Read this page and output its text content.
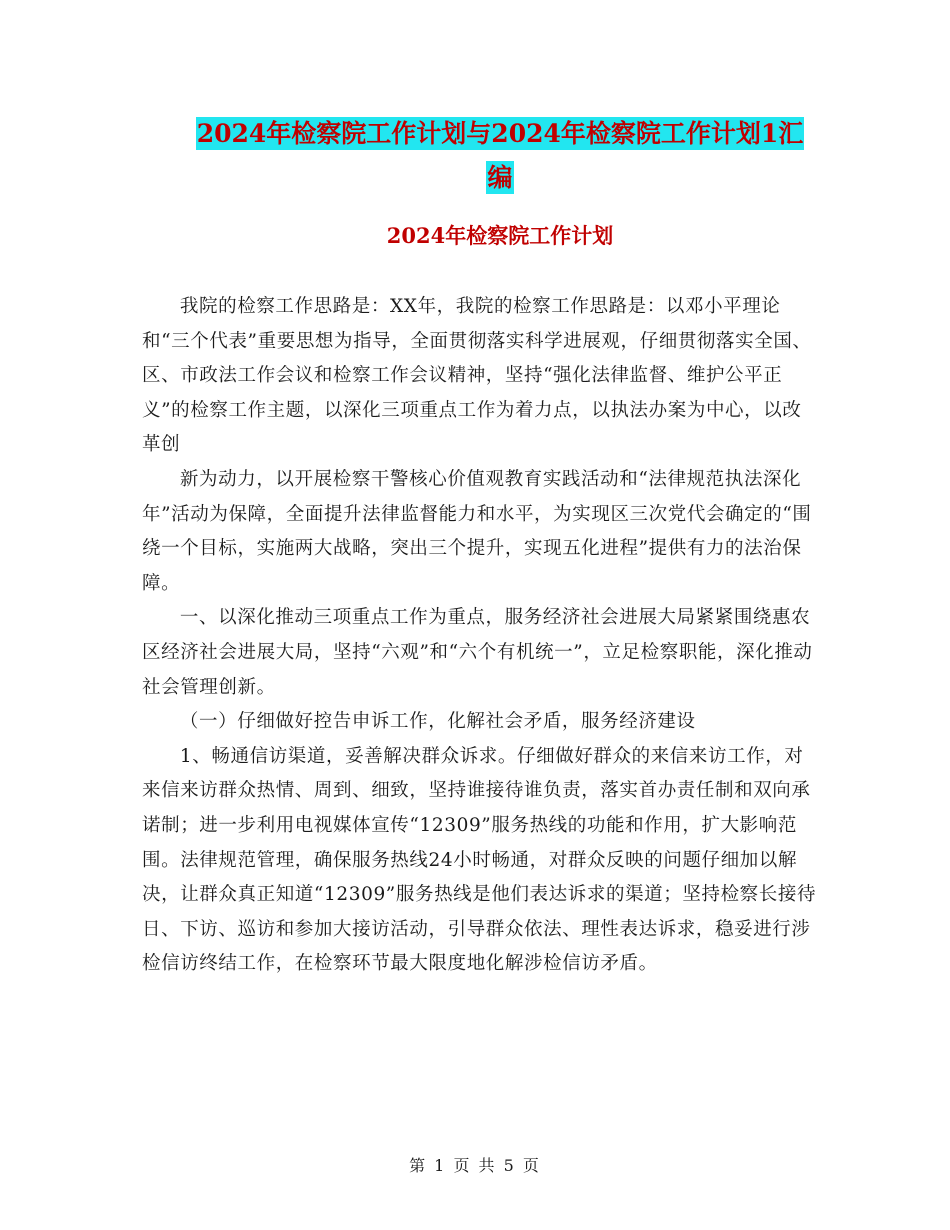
2024年检察院工作计划与2024年检察院工作计划1汇
编
2024年检察院工作计划

我院的检察工作思路是：XX年，我院的检察工作思路是：以邓小平理论和“三个代表”重要思想为指导，全面贯彻落实科学进展观，仔细贯彻落实全国、区、市政法工作会议和检察工作会议精神，坚持“强化法律监督、维护公平正义”的检察工作主题，以深化三项重点工作为着力点，以执法办案为中心，以改革创

新为动力，以开展检察干警核心价值观教育实践活动和“法律规范执法深化年”活动为保障，全面提升法律监督能力和水平，为实现区三次党代会确定的“围绕一个目标，实施两大战略，突出三个提升，实现五化进程”提供有力的法治保障。

一、以深化推动三项重点工作为重点，服务经济社会进展大局紧紧围绕惠农区经济社会进展大局，坚持“六观”和“六个有机统一”，立足检察职能，深化推动社会管理创新。

（一）仔细做好控告申诉工作，化解社会矛盾，服务经济建设

1、畅通信访渠道，妥善解决群众诉求。仔细做好群众的来信来访工作，对来信来访群众热情、周到、细致，坚持谁接待谁负责，落实首办责任制和双向承诺制；进一步利用电视媒体宣传“12309”服务热线的功能和作用，扩大影响范围。法律规范管理，确保服务热线24小时畅通，对群众反映的问题仔细加以解决，让群众真正知道“12309”服务热线是他们表达诉求的渠道；坚持检察长接待日、下访、巡访和参加大接访活动，引导群众依法、理性表达诉求，稳妥进行涉检信访终结工作，在检察环节最大限度地化解涉检信访矛盾。

第 1 页 共 5 页
